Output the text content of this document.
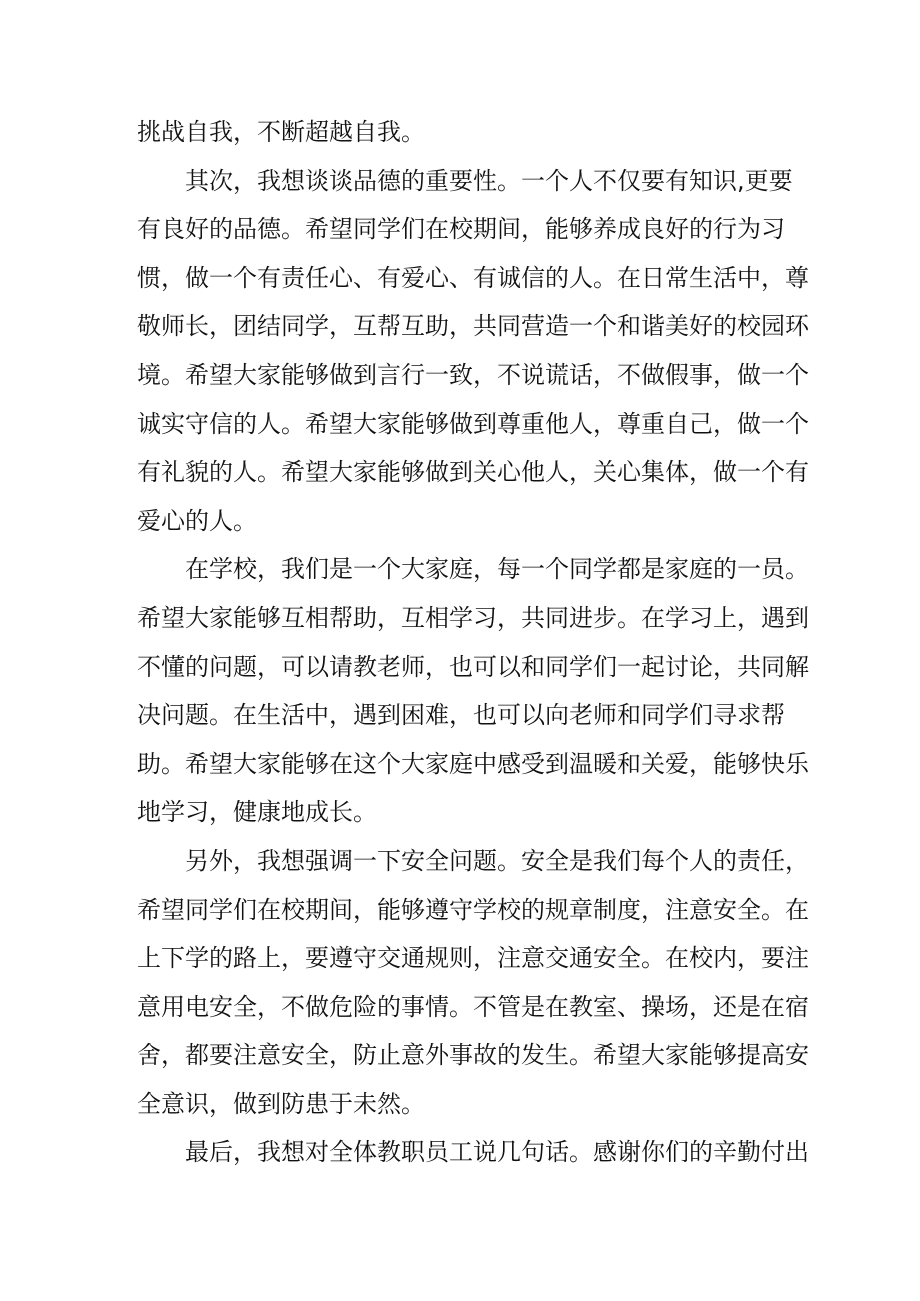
挑战自我，不断超越自我。
其次，我想谈谈品德的重要性。一个人不仅要有知识,更要
有良好的品德。希望同学们在校期间，能够养成良好的行为习
惯，做一个有责任心、有爱心、有诚信的人。在日常生活中，尊
敬师长，团结同学，互帮互助，共同营造一个和谐美好的校园环
境。希望大家能够做到言行一致，不说谎话，不做假事，做一个
诚实守信的人。希望大家能够做到尊重他人，尊重自己，做一个
有礼貌的人。希望大家能够做到关心他人，关心集体，做一个有
爱心的人。
在学校，我们是一个大家庭，每一个同学都是家庭的一员。
希望大家能够互相帮助，互相学习，共同进步。在学习上，遇到
不懂的问题，可以请教老师，也可以和同学们一起讨论，共同解
决问题。在生活中，遇到困难，也可以向老师和同学们寻求帮
助。希望大家能够在这个大家庭中感受到温暖和关爱，能够快乐
地学习，健康地成长。
另外，我想强调一下安全问题。安全是我们每个人的责任，
希望同学们在校期间，能够遵守学校的规章制度，注意安全。在
上下学的路上，要遵守交通规则，注意交通安全。在校内，要注
意用电安全，不做危险的事情。不管是在教室、操场，还是在宿
舍，都要注意安全，防止意外事故的发生。希望大家能够提高安
全意识，做到防患于未然。
最后，我想对全体教职员工说几句话。感谢你们的辛勤付出
